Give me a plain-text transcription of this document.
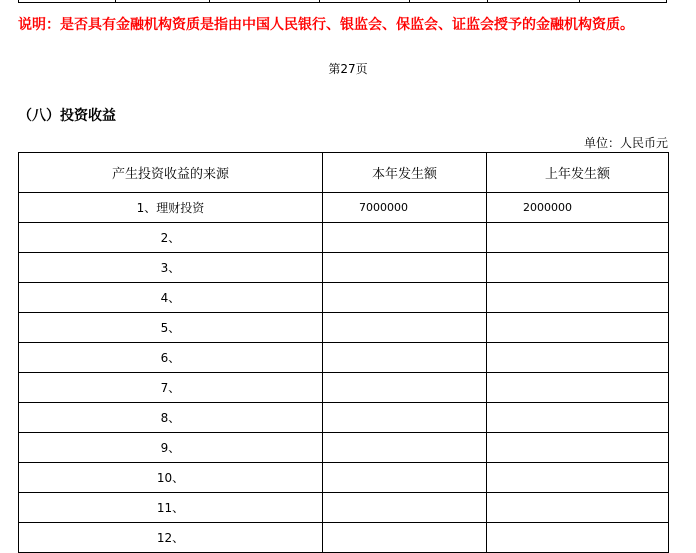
说明：是否具有金融机构资质是指由中国人民银行、银监会、保监会、证监会授予的金融机构资质。

第27页
（八）投资收益
单位：人民币元
产生投资收益的来源	本年发生额	上年发生额
1、理财投资	7000000	2000000
2、		
3、		
4、		
5、		
6、		
7、		
8、		
9、		
10、		
11、		
12、		
